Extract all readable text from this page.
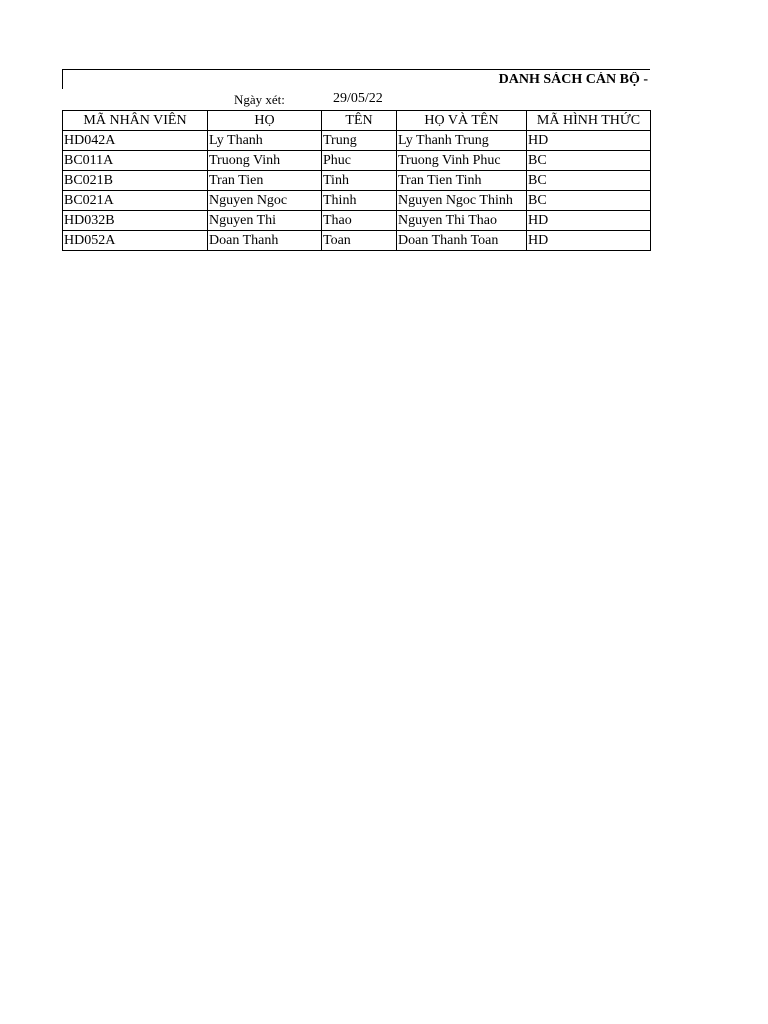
DANH SÁCH CÁN BỘ -
Ngày xét:	29/05/22
MÃ NHÂN VIÊN	HỌ	TÊN	HỌ VÀ TÊN	MÃ HÌNH THỨC
HD042A	Ly Thanh	Trung	Ly Thanh Trung	HD
BC011A	Truong Vinh	Phuc	Truong Vinh Phuc	BC
BC021B	Tran Tien	Tinh	Tran Tien Tinh	BC
BC021A	Nguyen Ngoc	Thinh	Nguyen Ngoc Thinh	BC
HD032B	Nguyen Thi	Thao	Nguyen Thi Thao	HD
HD052A	Doan Thanh	Toan	Doan Thanh Toan	HD
